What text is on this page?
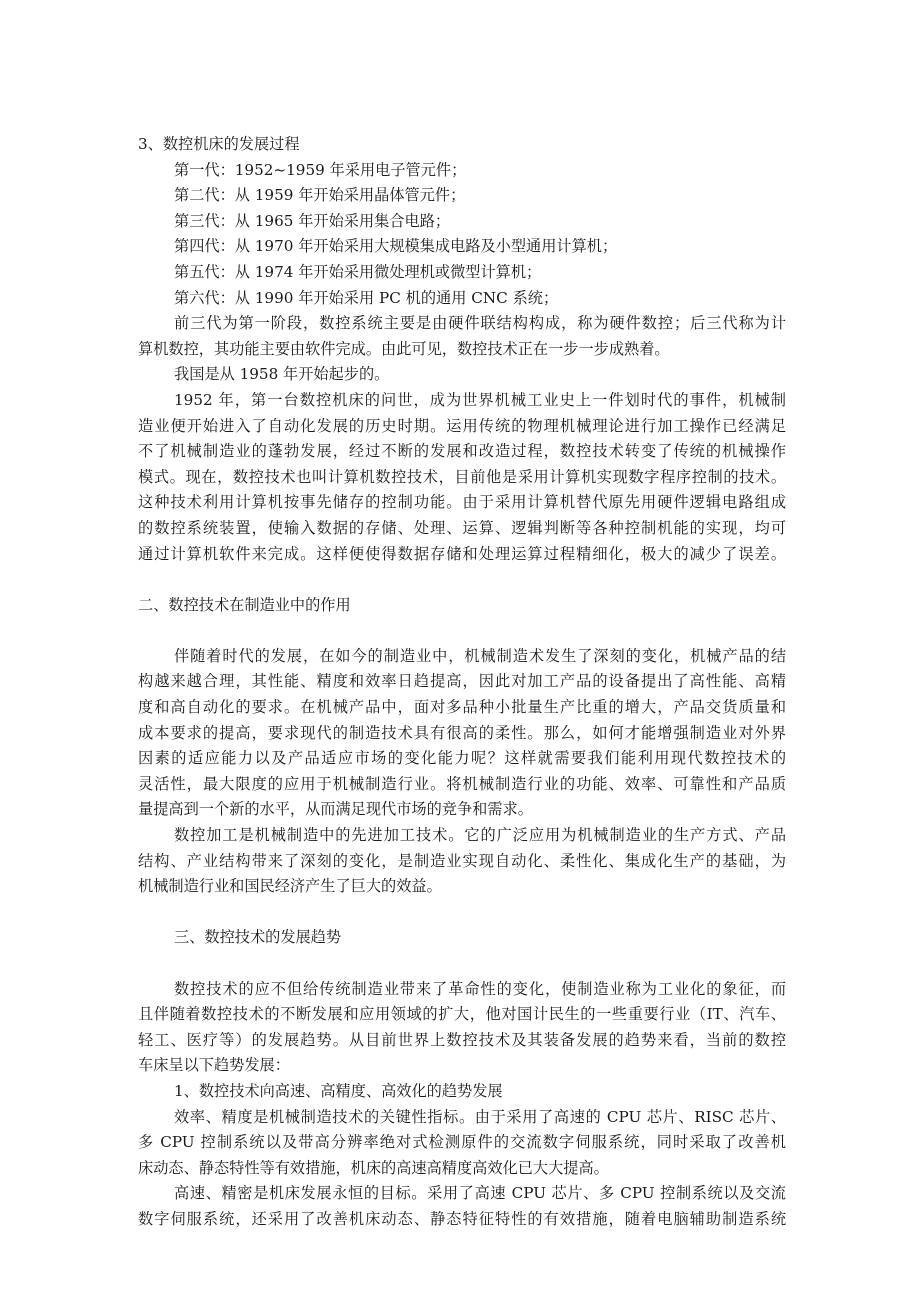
3、数控机床的发展过程
第一代：1952~1959 年采用电子管元件；
第二代：从 1959 年开始采用晶体管元件；
第三代：从 1965 年开始采用集合电路；
第四代：从 1970 年开始采用大规模集成电路及小型通用计算机；
第五代：从 1974 年开始采用微处理机或微型计算机；
第六代：从 1990 年开始采用 PC 机的通用 CNC 系统；
前三代为第一阶段，数控系统主要是由硬件联结构构成，称为硬件数控；后三代称为计
算机数控，其功能主要由软件完成。由此可见，数控技术正在一步一步成熟着。
我国是从 1958 年开始起步的。
1952 年，第一台数控机床的问世，成为世界机械工业史上一件划时代的事件，机械制
造业便开始进入了自动化发展的历史时期。运用传统的物理机械理论进行加工操作已经满足
不了机械制造业的蓬勃发展，经过不断的发展和改造过程，数控技术转变了传统的机械操作
模式。现在，数控技术也叫计算机数控技术，目前他是采用计算机实现数字程序控制的技术。
这种技术利用计算机按事先储存的控制功能。由于采用计算机替代原先用硬件逻辑电路组成
的数控系统装置，使输入数据的存储、处理、运算、逻辑判断等各种控制机能的实现，均可
通过计算机软件来完成。这样便使得数据存储和处理运算过程精细化，极大的减少了误差。
二、数控技术在制造业中的作用
伴随着时代的发展，在如今的制造业中，机械制造术发生了深刻的变化，机械产品的结
构越来越合理，其性能、精度和效率日趋提高，因此对加工产品的设备提出了高性能、高精
度和高自动化的要求。在机械产品中，面对多品种小批量生产比重的增大，产品交货质量和
成本要求的提高，要求现代的制造技术具有很高的柔性。那么，如何才能增强制造业对外界
因素的适应能力以及产品适应市场的变化能力呢？这样就需要我们能利用现代数控技术的
灵活性，最大限度的应用于机械制造行业。将机械制造行业的功能、效率、可靠性和产品质
量提高到一个新的水平，从而满足现代市场的竞争和需求。
数控加工是机械制造中的先进加工技术。它的广泛应用为机械制造业的生产方式、产品
结构、产业结构带来了深刻的变化，是制造业实现自动化、柔性化、集成化生产的基础，为
机械制造行业和国民经济产生了巨大的效益。
三、数控技术的发展趋势
数控技术的应不但给传统制造业带来了革命性的变化，使制造业称为工业化的象征，而
且伴随着数控技术的不断发展和应用领域的扩大，他对国计民生的一些重要行业（IT、汽车、
轻工、医疗等）的发展趋势。从目前世界上数控技术及其装备发展的趋势来看，当前的数控
车床呈以下趋势发展：
1、数控技术向高速、高精度、高效化的趋势发展
效率、精度是机械制造技术的关键性指标。由于采用了高速的 CPU 芯片、RISC 芯片、
多 CPU 控制系统以及带高分辨率绝对式检测原件的交流数字伺服系统，同时采取了改善机
床动态、静态特性等有效措施，机床的高速高精度高效化已大大提高。
高速、精密是机床发展永恒的目标。采用了高速 CPU 芯片、多 CPU 控制系统以及交流
数字伺服系统，还采用了改善机床动态、静态特征特性的有效措施，随着电脑辅助制造系统
